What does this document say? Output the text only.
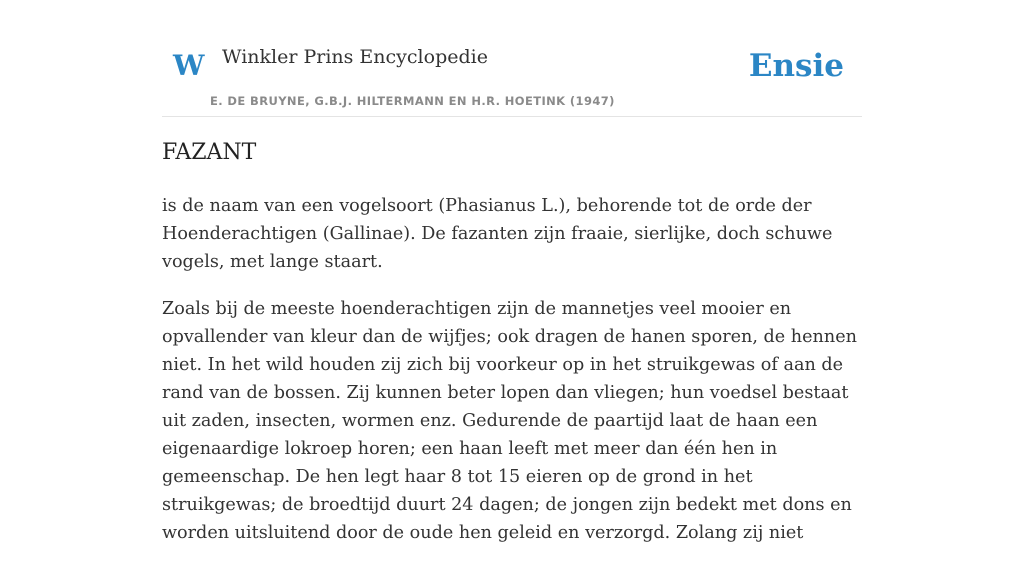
W Winkler Prins Encyclopedie
E. DE BRUYNE, G.B.J. HILTERMANN EN H.R. HOETINK (1947)
Ensie
FAZANT

is de naam van een vogelsoort (Phasianus L.), behorende tot de orde der Hoenderachtigen (Gallinae). De fazanten zijn fraaie, sierlijke, doch schuwe vogels, met lange staart.

Zoals bij de meeste hoenderachtigen zijn de mannetjes veel mooier en opvallender van kleur dan de wijfjes; ook dragen de hanen sporen, de hennen niet. In het wild houden zij zich bij voorkeur op in het struikgewas of aan de rand van de bossen. Zij kunnen beter lopen dan vliegen; hun voedsel bestaat uit zaden, insecten, wormen enz. Gedurende de paartijd laat de haan een eigenaardige lokroep horen; een haan leeft met meer dan één hen in gemeenschap. De hen legt haar 8 tot 15 eieren op de grond in het struikgewas; de broedtijd duurt 24 dagen; de jongen zijn bedekt met dons en worden uitsluitend door de oude hen geleid en verzorgd. Zolang zij niet
